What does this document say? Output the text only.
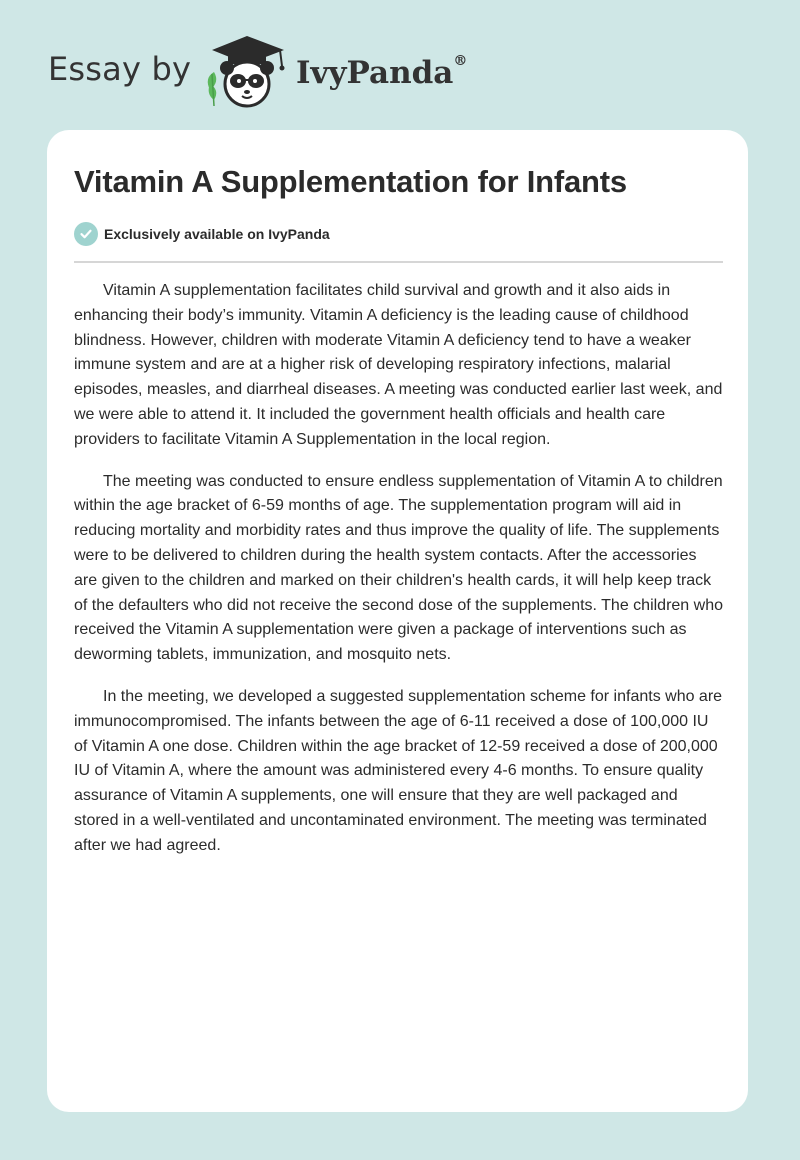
Essay by	IvyPanda®
Vitamin A Supplementation for Infants
Exclusively available on IvyPanda

Vitamin A supplementation facilitates child survival and growth and it also aids in enhancing their body’s immunity. Vitamin A deficiency is the leading cause of childhood blindness. However, children with moderate Vitamin A deficiency tend to have a weaker immune system and are at a higher risk of developing respiratory infections, malarial episodes, measles, and diarrheal diseases. A meeting was conducted earlier last week, and we were able to attend it. It included the government health officials and health care providers to facilitate Vitamin A Supplementation in the local region.

The meeting was conducted to ensure endless supplementation of Vitamin A to children within the age bracket of 6-59 months of age. The supplementation program will aid in reducing mortality and morbidity rates and thus improve the quality of life. The supplements were to be delivered to children during the health system contacts. After the accessories are given to the children and marked on their children's health cards, it will help keep track of the defaulters who did not receive the second dose of the supplements. The children who received the Vitamin A supplementation were given a package of interventions such as deworming tablets, immunization, and mosquito nets.

In the meeting, we developed a suggested supplementation scheme for infants who are immunocompromised. The infants between the age of 6-11 received a dose of 100,000 IU of Vitamin A one dose. Children within the age bracket of 12-59 received a dose of 200,000 IU of Vitamin A, where the amount was administered every 4-6 months. To ensure quality assurance of Vitamin A supplements, one will ensure that they are well packaged and stored in a well-ventilated and uncontaminated environment. The meeting was terminated after we had agreed.
